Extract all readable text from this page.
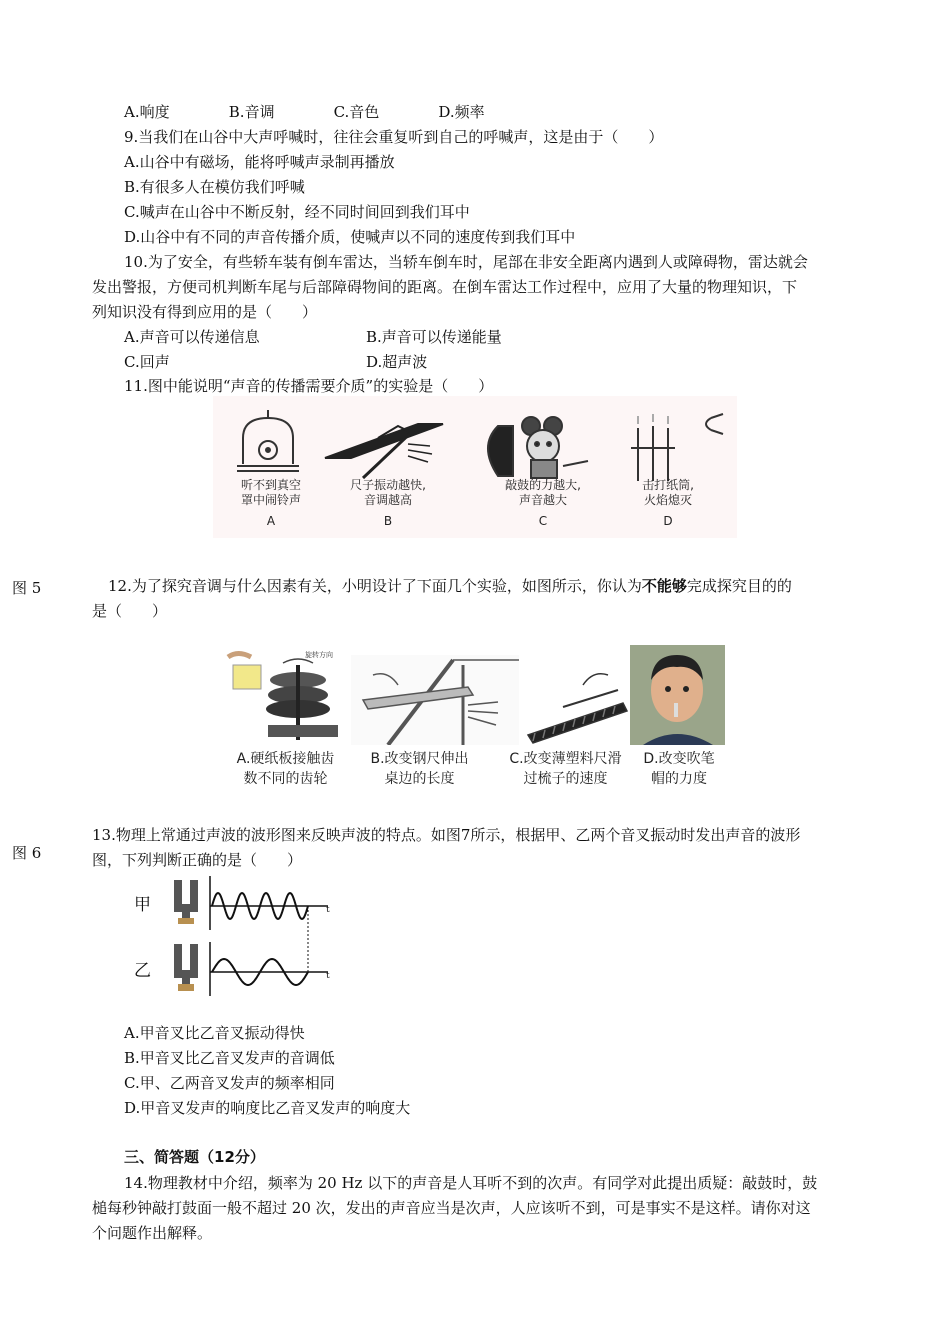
A.响度	B.音调	C.音色	D.频率
9.当我们在山谷中大声呼喊时，往往会重复听到自己的呼喊声，这是由于（　　）
A.山谷中有磁场，能将呼喊声录制再播放
B.有很多人在模仿我们呼喊
C.喊声在山谷中不断反射，经不同时间回到我们耳中
D.山谷中有不同的声音传播介质，使喊声以不同的速度传到我们耳中
10.为了安全，有些轿车装有倒车雷达，当轿车倒车时，尾部在非安全距离内遇到人或障碍物，雷达就会
发出警报，方便司机判断车尾与后部障碍物间的距离。在倒车雷达工作过程中，应用了大量的物理知识，下
列知识没有得到应用的是（　　）
A.声音可以传递信息	B.声音可以传递能量
C.回声	D.超声波
11.图中能说明“声音的传播需要介质”的实验是（　　）
听不到真空
罩中闹铃声
A
尺子振动越快,
音调越高
B
敲鼓的力越大,
声音越大
C
击打纸筒,
火焰熄灭
D
图 5	12.为了探究音调与什么因素有关，小明设计了下面几个实验，如图所示，你认为不能够完成探究目的的
是（　　）
旋转方向
A.硬纸板接触齿
数不同的齿轮
B.改变钢尺伸出
桌边的长度
C.改变薄塑料尺滑
过梳子的速度
D.改变吹笔
帽的力度
图 6
13.物理上常通过声波的波形图来反映声波的特点。如图7所示，根据甲、乙两个音叉振动时发出声音的波形
图，下列判断正确的是（　　）
甲
乙
t
t
A.甲音叉比乙音叉振动得快
B.甲音叉比乙音叉发声的音调低
C.甲、乙两音叉发声的频率相同
D.甲音叉发声的响度比乙音叉发声的响度大
三、简答题（12分）
14.物理教材中介绍，频率为 20 Hz 以下的声音是人耳听不到的次声。有同学对此提出质疑：敲鼓时，鼓
槌每秒钟敲打鼓面一般不超过 20 次，发出的声音应当是次声，人应该听不到，可是事实不是这样。请你对这
个问题作出解释。
